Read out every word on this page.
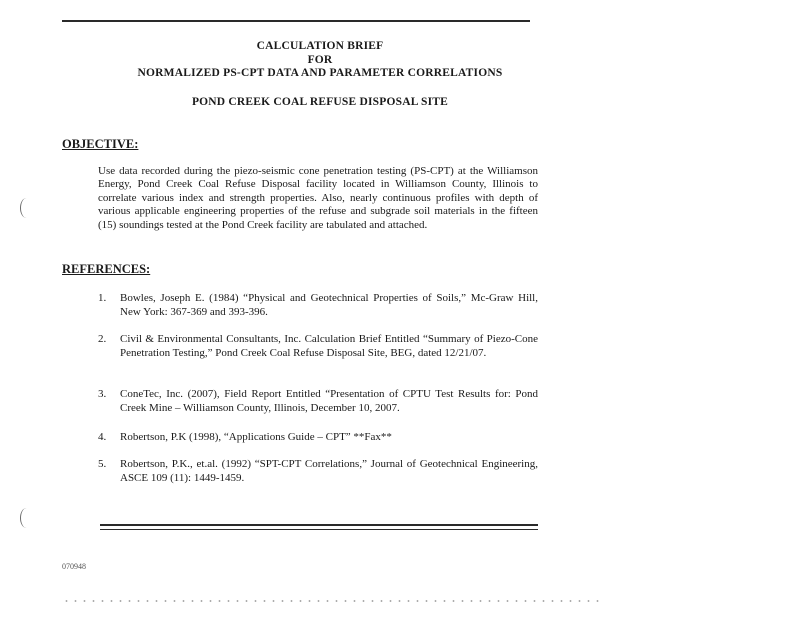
CALCULATION BRIEF
FOR
NORMALIZED PS-CPT DATA AND PARAMETER CORRELATIONS
POND CREEK COAL REFUSE DISPOSAL SITE
OBJECTIVE:

Use data recorded during the piezo-seismic cone penetration testing (PS-CPT) at the Williamson Energy, Pond Creek Coal Refuse Disposal facility located in Williamson County, Illinois to correlate various index and strength properties. Also, nearly continuous profiles with depth of various applicable engineering properties of the refuse and subgrade soil materials in the fifteen (15) soundings tested at the Pond Creek facility are tabulated and attached.

REFERENCES:
1.	Bowles, Joseph E. (1984) “Physical and Geotechnical Properties of Soils,” Mc-Graw Hill, New York: 367-369 and 393-396.
2.	Civil & Environmental Consultants, Inc. Calculation Brief Entitled “Summary of Piezo-Cone Penetration Testing,” Pond Creek Coal Refuse Disposal Site, BEG, dated 12/21/07.
3.	ConeTec, Inc. (2007), Field Report Entitled “Presentation of CPTU Test Results for: Pond Creek Mine – Williamson County, Illinois, December 10, 2007.
4.	Robertson, P.K (1998), “Applications Guide – CPT” **Fax**
5.	Robertson, P.K., et.al. (1992) “SPT-CPT Correlations,” Journal of Geotechnical Engineering, ASCE 109 (11): 1449-1459.
070948
